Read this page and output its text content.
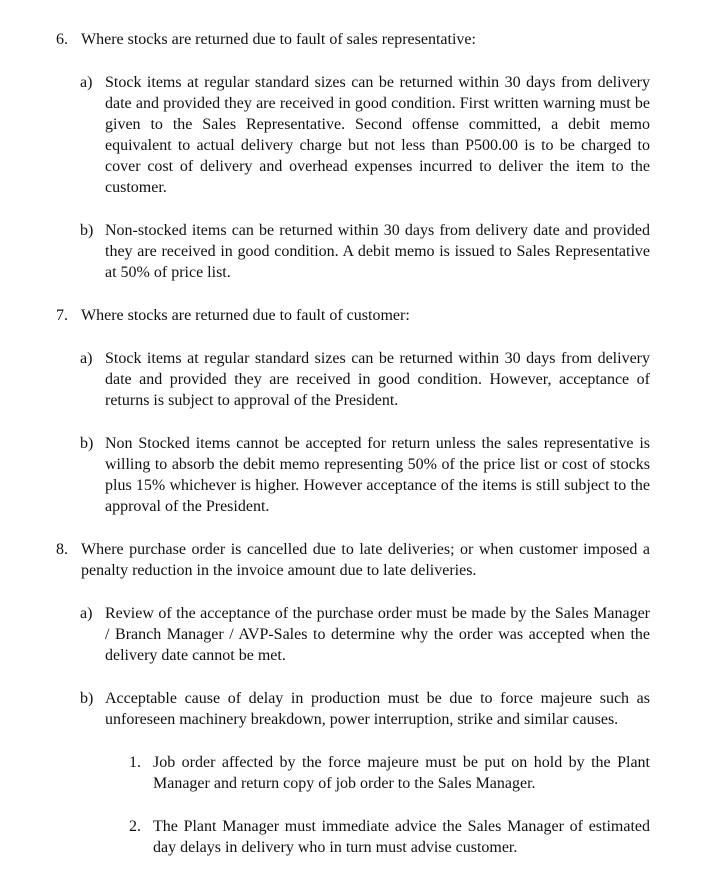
6. Where stocks are returned due to fault of sales representative:
a) Stock items at regular standard sizes can be returned within 30 days from delivery date and provided they are received in good condition. First written warning must be given to the Sales Representative. Second offense committed, a debit memo equivalent to actual delivery charge but not less than P500.00 is to be charged to cover cost of delivery and overhead expenses incurred to deliver the item to the customer.
b) Non-stocked items can be returned within 30 days from delivery date and provided they are received in good condition. A debit memo is issued to Sales Representative at 50% of price list.
7. Where stocks are returned due to fault of customer:
a) Stock items at regular standard sizes can be returned within 30 days from delivery date and provided they are received in good condition. However, acceptance of returns is subject to approval of the President.
b) Non Stocked items cannot be accepted for return unless the sales representative is willing to absorb the debit memo representing 50% of the price list or cost of stocks plus 15% whichever is higher. However acceptance of the items is still subject to the approval of the President.
8. Where purchase order is cancelled due to late deliveries; or when customer imposed a penalty reduction in the invoice amount due to late deliveries.
a) Review of the acceptance of the purchase order must be made by the Sales Manager / Branch Manager / AVP-Sales to determine why the order was accepted when the delivery date cannot be met.
b) Acceptable cause of delay in production must be due to force majeure such as unforeseen machinery breakdown, power interruption, strike and similar causes.
1. Job order affected by the force majeure must be put on hold by the Plant Manager and return copy of job order to the Sales Manager.
2. The Plant Manager must immediate advice the Sales Manager of estimated day delays in delivery who in turn must advise customer.
